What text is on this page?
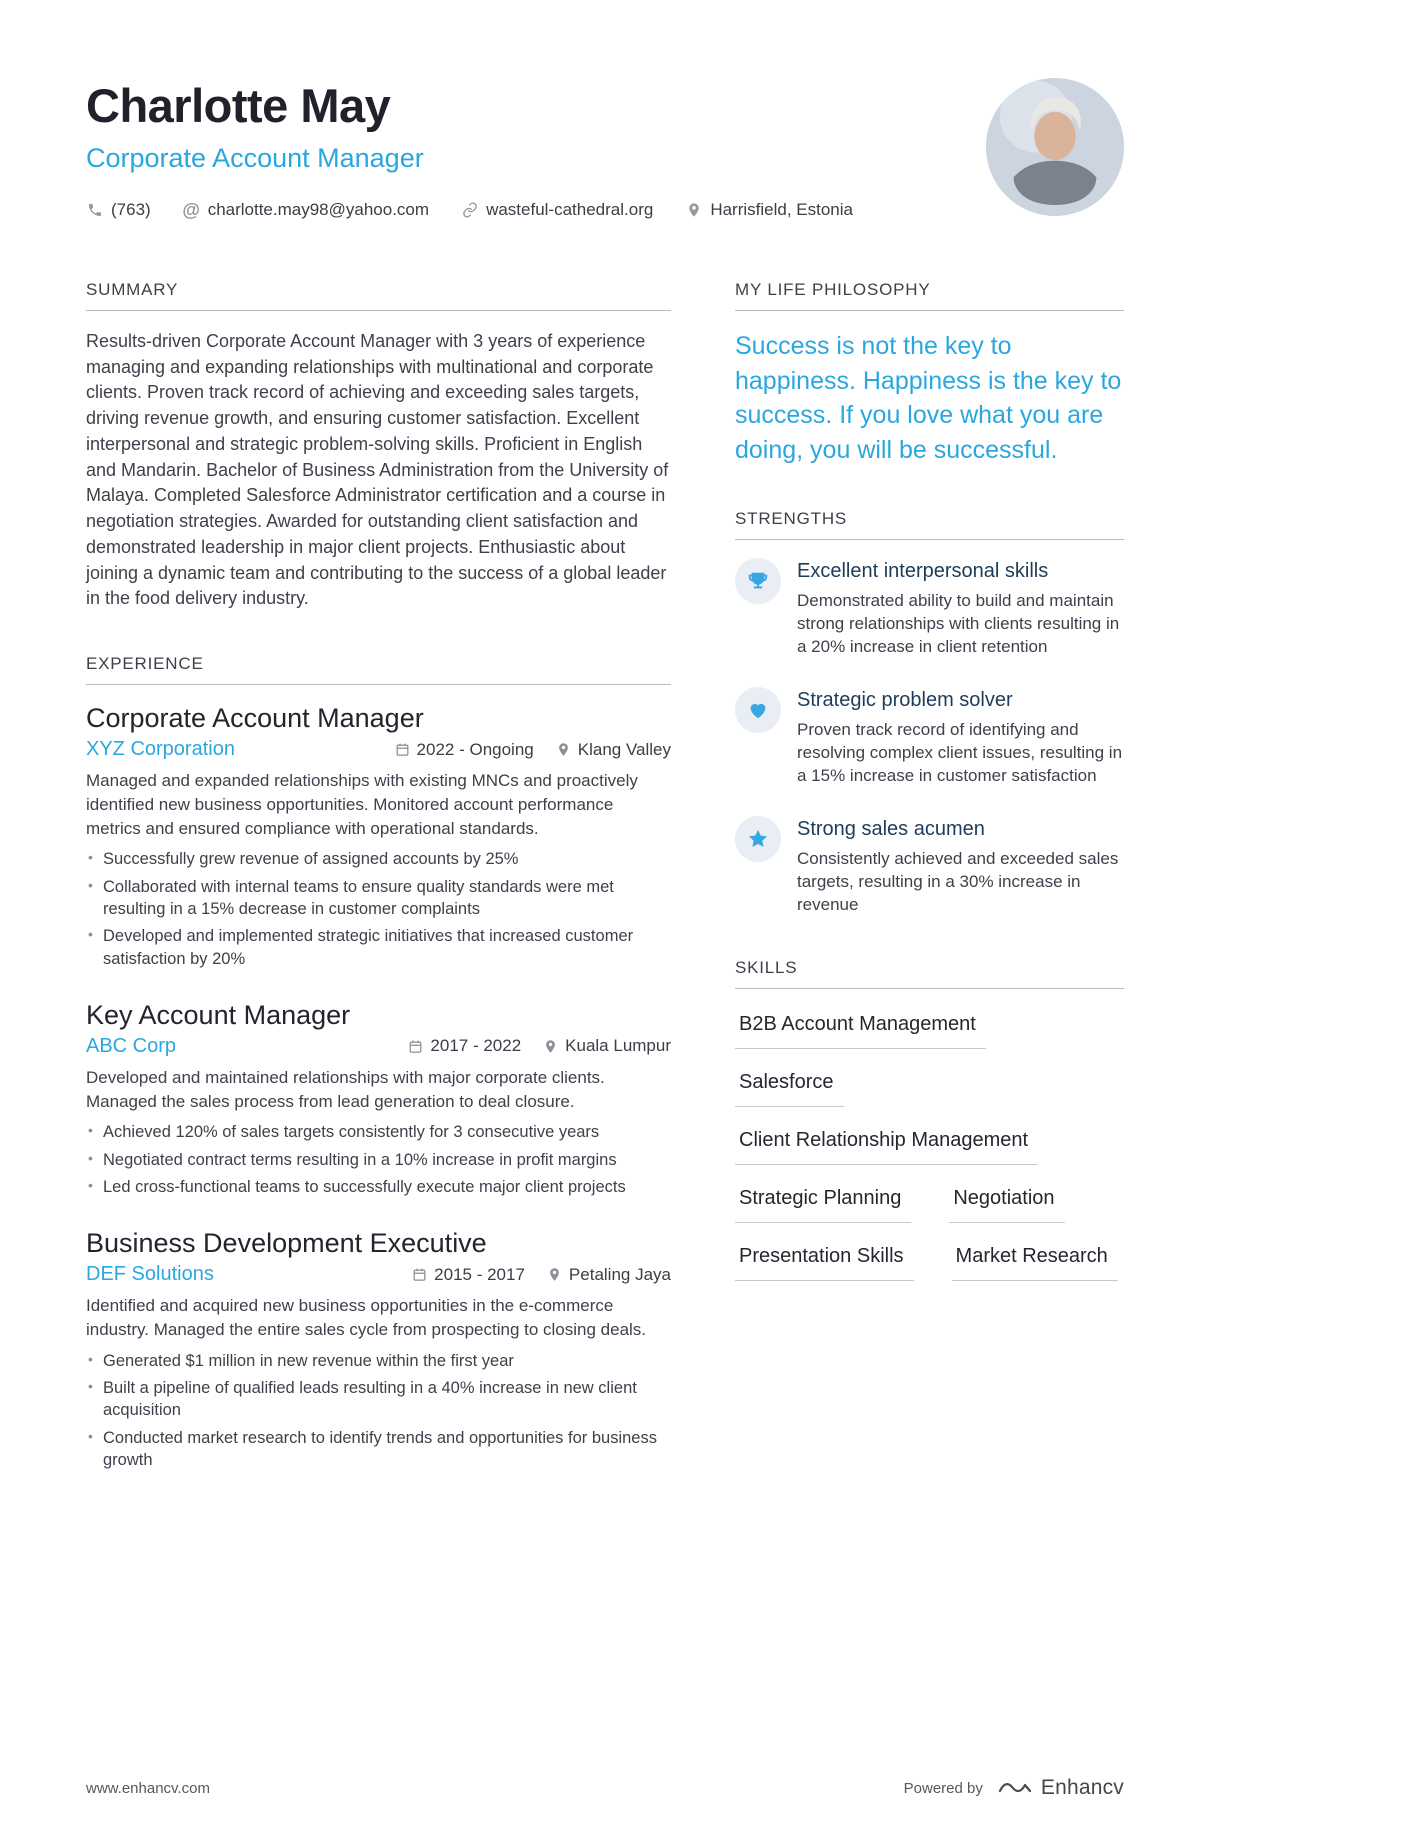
Charlotte May
Corporate Account Manager
(763) @ charlotte.may98@yahoo.com	wasteful-cathedral.org	Harrisfield, Estonia
SUMMARY
Results-driven Corporate Account Manager with 3 years of experience managing and expanding relationships with multinational and corporate clients. Proven track record of achieving and exceeding sales targets, driving revenue growth, and ensuring customer satisfaction. Excellent interpersonal and strategic problem-solving skills. Proficient in English and Mandarin. Bachelor of Business Administration from the University of Malaya. Completed Salesforce Administrator certification and a course in negotiation strategies. Awarded for outstanding client satisfaction and demonstrated leadership in major client projects. Enthusiastic about joining a dynamic team and contributing to the success of a global leader in the food delivery industry.
EXPERIENCE
Corporate Account Manager
XYZ Corporation	2022 - Ongoing	Klang Valley
Managed and expanded relationships with existing MNCs and proactively identified new business opportunities. Monitored account performance metrics and ensured compliance with operational standards.
• Successfully grew revenue of assigned accounts by 25%
• Collaborated with internal teams to ensure quality standards were met resulting in a 15% decrease in customer complaints
• Developed and implemented strategic initiatives that increased customer satisfaction by 20%
Key Account Manager
ABC Corp	2017 - 2022	Kuala Lumpur
Developed and maintained relationships with major corporate clients. Managed the sales process from lead generation to deal closure.
• Achieved 120% of sales targets consistently for 3 consecutive years
• Negotiated contract terms resulting in a 10% increase in profit margins
• Led cross-functional teams to successfully execute major client projects
Business Development Executive
DEF Solutions	2015 - 2017	Petaling Jaya
Identified and acquired new business opportunities in the e-commerce industry. Managed the entire sales cycle from prospecting to closing deals.
• Generated $1 million in new revenue within the first year
• Built a pipeline of qualified leads resulting in a 40% increase in new client acquisition
• Conducted market research to identify trends and opportunities for business growth
MY LIFE PHILOSOPHY
Success is not the key to happiness. Happiness is the key to success. If you love what you are doing, you will be successful.
STRENGTHS
Excellent interpersonal skills
Demonstrated ability to build and maintain strong relationships with clients resulting in a 20% increase in client retention
Strategic problem solver
Proven track record of identifying and resolving complex client issues, resulting in a 15% increase in customer satisfaction
Strong sales acumen
Consistently achieved and exceeded sales targets, resulting in a 30% increase in revenue
SKILLS
B2B Account Management
Salesforce
Client Relationship Management
Strategic Planning	Negotiation
Presentation Skills	Market Research
www.enhancv.com	Powered by	Enhancv
